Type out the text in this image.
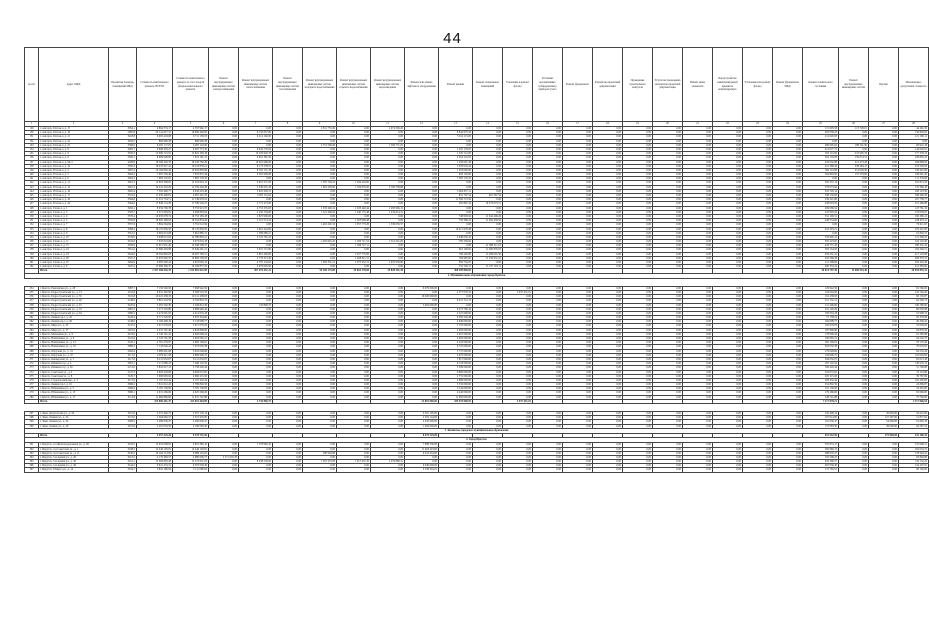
44
№ п/п	Адрес МКД	Проектная площадь помещений МКД	Стоимость капитального ремонта, ВСЕГО	Стоимость капитального ремонта за счет средств фондов капитального ремонта	Ремонт внутридомовых инженерных систем электроснабжения	Ремонт внутридомовых инженерных систем теплоснабжения	Ремонт внутридомовых инженерных систем газоснабжения	Ремонт внутридомовых инженерных систем холодного водоснабжения	Ремонт внутридомовых инженерных систем горячего водоснабжения	Ремонт внутридомовых инженерных систем водоотведения	Ремонт или замена лифтового оборудования	Ремонт крыши	Ремонт подвальных помещений	Утепление и ремонт фасада	Установка коллективных (общедомовых) приборов учета	Ремонт фундамента	Разработка проектной документации	Проведение строительного контроля	Услуги по проведению экспертизы проектной документации	Ремонт иных элементов	Переустройство невентилируемой крыши на вентилируемую	Утепление или ремонт фасада	Ремонт фундамента МКД	Оценка технического состояния	Ремонт внутридомовых инженерных систем	Прочие	Максимально допустимая стоимость
1	2	3	4	5	6	7	8	9	10	11	12	13	14	15	16	17	18	19	20	21	22	23	24	25	26	27	28
129	г. Ангарск, 94 й кв-л, д. 17	3054,1	4 864 374,17	4 797 962,17	0,00	0,00	0,00	2 811 753,49	0,00	2 074 300,20	0,00	0,00	0,00	0,00	0,00	0,00	0,00	0,00	0,00	0,00	0,00	0,00	0,00	115 605,58	115 728,01	0,00	44 461,50
130	г. Ангарск, 94 й кв-л, д. 19	2965,8	20 141 617,51	19 990 402,85	0,00	8 150 657,99	0,00	0,00	0,00	0,00	0,00	8 844 975,56	0,00	0,00	0,00	0,00	0,00	0,00	0,00	0,00	0,00	0,00	0,00	463 038,23	0,00	0,00	150 820,62
131	г. Ангарск, 94 й кв-л, д. 21	3418,8	6 993 418,08	9 711 158,33	0,00	6 214 162,00	0,00	0,00	0,00	0,00	0,00	3 014 115,00	0,00	0,00	0,00	0,00	0,00	0,00	0,00	0,00	0,00	0,00	0,00	411 020,93	0,00	0,00	121 190,11
132	г. Ангарск, 94 й кв-л, д. 22	3456,5	860 996,38	860 996,38	0,00	0,00	0,00	0,00	0,00	0,00	0,00	0,00	0,00	0,00	0,00	0,00	0,00	0,00	0,00	0,00	0,00	0,00	0,00	0,00	0,00	0,00	0,00
133	г. Ангарск, 94 й кв-л, д. 25	3396,9	6 295 177,81	6 287 116,90	0,00	0,00	0,00	2 751 560,66	0,00	1 506 771,02	0,00	0,00	0,00	0,00	0,00	0,00	0,00	0,00	0,00	0,00	0,00	0,00	0,00	280 005,02	188 741,90	0,00	60 922,18
134	г. Ангарск, 94 й кв-л, д. 8	3465,7	9 608 403,27	9 467 773,36	0,00	8 044 770,04	0,00	0,00	0,00	0,00	0,00	1 010 176,05	0,00	0,00	0,00	0,00	0,00	0,00	0,00	0,00	0,00	0,00	0,00	412 077,71	0,00	0,00	144 629,91
135	г. Ангарск, 94 й кв-л, д. 9	3556,3	15 990 713,91	15 822 183,18	0,00	10 459 992,78	0,00	0,00	0,00	0,00	0,00	1 345 712,00	0,00	0,00	0,00	0,00	0,00	0,00	0,00	0,00	0,00	0,00	0,00	353 115,00	272 905,78	0,00	177 378,74
136	г. Ангарск, 94 й кв-л, д. 9	3506,1	8 009 028,85	7 919 161,31	0,00	6 091 381,59	0,00	0,00	0,00	0,00	0,00	2 054 210,03	0,00	0,00	0,00	0,00	0,00	0,00	0,00	0,00	0,00	0,00	0,00	304 133,83	159 074,51	0,00	109 865,22
137	г. Ангарск, 94 й кв-л, д. 9А/1	4328,9	18 509 220,33	18 239 782,29	0,00	10 461 966,90	0,00	0,00	0,00	0,00	0,00	1 456 091,58	0,00	0,00	0,00	0,00	0,00	0,00	0,00	0,00	0,00	0,00	0,00	432 032,88	413 473,28	0,00	169 808,93
138	г. Ангарск, 94 й кв-л, д. 19	3350,3	18 447 617,41	18 118 879,21	0,00	8 173 278,91	0,00	0,00	0,00	0,00	0,00	5 678 018,24	0,00	0,00	0,00	0,00	0,00	0,00	0,00	0,00	0,00	0,00	0,00	415 268,45	338 284,15	0,00	253 595,03
139	г. Ангарск, 95 й кв-л, д. 4	3467,2	10 166 840,44	10 019 893,96	0,00	8 102 151,78	0,00	0,00	0,00	0,00	0,00	1 018 000,00	0,00	0,00	0,00	0,00	0,00	0,00	0,00	0,00	0,00	0,00	0,00	384 112,68	214 029,50	0,00	126 421,09
140	г. Ангарск, 95 й кв-л, д. 5	3464,5	7 967 536,46	7 635 872,44	0,00	6 391 996,08	0,00	0,00	0,00	0,00	0,00	993 130,00	0,00	0,00	0,00	0,00	0,00	0,00	0,00	0,00	0,00	0,00	0,00	304 893,00	157 279,00	0,00	106 601,26
141	г. Ангарск, 95 й кв-л, д. 6	3464,5	7 983 125,81	7 883 176,35	0,00	0,00	0,00	0,00	0,00	0,00	0,00	7 383 176,35	0,00	0,00	0,00	0,00	0,00	0,00	0,00	0,00	0,00	0,00	0,00	0,00	0,00	0,00	111 376,06
142	г. Ангарск, 95 й кв-л, д. 11	3461,3	12 803 368,65	12 316 623,12	0,00	6 657 271,83	0,00	1 705 794,22	1 294 410,00	0,00	0,00	0,00	0,00	0,00	0,00	0,00	0,00	0,00	0,00	0,00	0,00	0,00	0,00	305 257,14	0,00	0,00	181 813,43
143	г. Ангарск, 95 й кв-л, д. 12	3461,5	10 241 216,20	11 559 202,28	0,00	3 330 635,18	0,00	1 605 293,00	1 764 670,20	2 796 738,88	0,00	0,00	0,00	0,00	0,00	0,00	0,00	0,00	0,00	0,00	0,00	0,00	0,00	578 073,92	0,00	0,00	170 366,18
144	г. Ангарск, 95 й кв-л, д. 16	3465,4	7 563 460,77	6 936 223,48	0,00	3 922 439,31	0,00	0,00	0,00	0,00	0,00	3 004 057,11	0,00	0,00	0,00	0,00	0,00	0,00	0,00	0,00	0,00	0,00	0,00	316 720,14	0,00	0,00	108 123,59
145	г. Ангарск, 95 й кв-л, д. 17	3331,6	11 930 406,81	4 097 291,76	0,00	3 925 115,04	0,00	0,00	0,00	0,00	0,00	831 767,54	601 367,54	0,00	0,00	0,00	0,00	0,00	0,00	0,00	0,00	0,00	0,00	338 150,00	0,00	0,00	188 400,29
146	г. Ангарск, 95 й кв-л, д. 18	3364,8	11 911 734,71	11 749 933,19	0,00	0,00	0,00	0,00	0,00	0,00	0,00	11 384 713,59	0,00	0,00	0,00	0,00	0,00	0,00	0,00	0,00	0,00	0,00	0,00	359 221,80	0,00	0,00	167 738,77
147	г. Ангарск, 95 й кв-л, д. 24	3364,6	17 849 714,36	17 799 549,27	0,00	4 775 473,60	0,00	0,00	0,00	0,00	0,00	265 867,24	10 374 073,51	0,00	0,00	0,00	0,00	0,00	0,00	0,00	0,00	0,00	0,00	438 093,50	0,00	0,00	231 466,88
148	г. Ангарск, 9 й кв-л, д. 1	3292,1	8 034 790,78	8 755 913,37	0,00	4 753 255,63	0,00	1 333 400,24	1 203 440,44	1 283 906,15	0,00	0,00	0,00	0,00	0,00	0,00	0,00	0,00	0,00	0,00	0,00	0,00	0,00	409 066,54	0,00	0,00	123 761,32
149	г. Ангарск, 9 й кв-л, д. 3	3323,7	9 371 093,81	9 268 893,04	0,00	4 250 704,60	0,00	1 321 466,94	1 240 175,48	1 234 614,21	0,00	0,00	0,00	0,00	0,00	0,00	0,00	0,00	0,00	0,00	0,00	0,00	0,00	447 093,25	0,00	0,00	133 056,67
150	г. Ангарск, 9 й кв-л, д. 4	3376,4	16 935 078,74	16 753 183,18	0,00	2 827 000,00	0,00	0,00	0,00	0,00	0,00	748 603,92	11 044 406,26	0,00	0,00	0,00	0,00	0,00	0,00	0,00	0,00	0,00	0,00	351 190,51	0,00	0,00	190 396,12
151	г. Ангарск, 9 й кв-л, д. 5	3332,8	18 605 408,93	18 316 854,26	0,00	2 515 514,53	0,00	0,00	1 503 928,48	0,00	0,00	756 386,25	11 494 458,56	0,00	0,00	0,00	0,00	0,00	0,00	0,00	0,00	0,00	0,00	448 554,06	0,00	0,00	228 453,11
152	г. Ангарск, 9 й кв-л, д. 7	3357,9	3 804 264,84	3 791 012,84	0,00	0,00	0,00	1 402 201,52	1 057 773,26	1 336 050,57	0,00	0,00	0,00	0,00	0,00	0,00	0,00	0,00	0,00	0,00	0,00	0,00	0,00	0,00	0,00	0,00	79 011,65
153	г. Ангарск, 9 й кв-л, д. 8	3286,4	18 170 839,50	18 170 839,50	0,00	3 991 244,09	0,00	0,00	0,00	0,00	0,00	10 417 678,48	0,00	0,00	0,00	0,00	0,00	0,00	0,00	0,00	0,00	0,00	0,00	454 303,21	0,00	0,00	276 421,83
154	г. Ангарск, 9 й кв-л, д. 9	3312,5	6 002 613,08	5 961 885,31	0,00	1 589 689,21	0,00	0,00	0,00	0,00	0,00	0,00	0,00	0,00	0,00	0,00	0,00	0,00	0,00	0,00	0,00	0,00	0,00	0,00	0,00	0,00	91 849,72
155	г. Ангарск, 9 й кв-л, д. 10	3179,0	3 938 015,04	14 780 803,21	0,00	2 722 701,23	0,00	0,00	0,00	0,00	0,00	5 040 056,10	0,00	0,00	0,00	0,00	0,00	0,00	0,00	0,00	0,00	0,00	0,00	333 640,12	0,00	0,00	211 306,16
156	г. Ангарск, 9 й кв-л, д. 11	3194,6	7 047 019,06	6 973 043,18	0,00	0,00	0,00	1 405 625,45	1 200 711,54	1 312 221,00	0,00	785 230,62	0,00	0,00	0,00	0,00	0,00	0,00	0,00	0,00	0,00	0,00	0,00	305 223,65	0,00	0,00	104 116,30
157	г. Ангарск, 9 й кв-л, д. 15	3359,9	15 651 931,20	15 498 208,37	0,00	0,00	0,00	0,00	1 566 727,11	0,00	0,00	0,00	11 388 411,01	0,00	0,00	0,00	0,00	0,00	0,00	0,00	0,00	0,00	0,00	443 771,43	0,00	0,00	180 331,42
158	г. Ангарск, 9 й кв-л, д. 22	3351,6	15 660 403,98	15 649 291,21	0,00	3 031 715,80	0,00	0,00	0,00	0,00	0,00	961 109,92	11 260 870,93	0,00	0,00	0,00	0,00	0,00	0,00	0,00	0,00	0,00	0,00	393 134,92	0,00	0,00	192 249,51
159	г. Ангарск, 9 й кв-л, д. 23	3424,6	16 564 802,03	16 497 783,51	0,00	2 861 400,00	0,00	0,00	1 457 775,00	0,00	0,00	766 220,00	11 269 001,50	0,00	0,00	0,00	0,00	0,00	0,00	0,00	0,00	0,00	0,00	459 231,41	0,00	0,00	217 143,68
160	г. Ангарск, 9 й кв-л, д. 26	3327,3	15 070 602,55	14 896 793,03	0,00	2 776 315,30	0,00	0,00	1 408 611,31	0,00	0,00	784 985,00	11 256 931,10	0,00	0,00	0,00	0,00	0,00	0,00	0,00	0,00	0,00	0,00	450 566,58	0,00	0,00	208 353,31
161	г. Ангарск, 9 й кв-л, д. 27	3464,0	6 963 200,24	6 953 063,12	0,00	4 707 134,62	0,00	1 382 331,21	1 073 452,72	1 670 959,80	0,00	650 734,25	0,00	0,00	0,00	0,00	0,00	0,00	0,00	0,00	0,00	0,00	0,00	411 398,00	0,00	0,00	259 416,49
162	г. Ангарск, 9 й кв-л, д. 9	3425,2	15 966 396,37	16 169 877,25	0,00	2 979 005,00	0,00	0,00	0,00	0,00	0,00	752 749,17	11 237 193,11	0,00	0,00	0,00	0,00	0,00	0,00	0,00	0,00	0,00	0,00	460 333,41	0,00	0,00	212 383,82
	Итого		1 167 286 026,33	1 153 881 021,85		267 276 431,22		55 300 175,80	25 064 178,60	29 828 201,36		368 599 000,82												44 814 797,45	13 686 533,46		20 555 835,41
2. Муниципальное образование города Братска																											

254	г. Братск, Енисейская ул., д. 28	3087,7	7 150 502,56	7 068 942,56	0,00	0,00	0,00	0,00	0,00	0,00	6 979 000,00	0,00	0,00	0,00	0,00	0,00	0,00	0,00	0,00	0,00	0,00	0,00	0,00	129 942,56	0,00	0,00	81 560,00
255	г. Братск, Гидростроителей ул., д. 13	2110,8	8 631 392,83	8 508 523,33	0,00	0,00	0,00	0,00	0,00	0,00	0,00	4 377 070,32	0,00	3 937 451,01	0,00	0,00	0,00	0,00	0,00	0,00	0,00	0,00	0,00	194 002,00	0,00	0,00	142 749,26
256	г. Братск, Гидростроителей ул., д. 35	3110,8	10 210 438,33	10 211 438,93	0,00	0,00	0,00	0,00	0,00	0,00	10 020 000,00	0,00	0,00	0,00	0,00	0,00	0,00	0,00	0,00	0,00	0,00	0,00	0,00	191 438,93	0,00	0,00	96 130,87
257	г. Братск, Гидростроителей ул., д. 40	2146,0	6 861 219,59	6 792 816,15	0,00	0,00	0,00	0,00	0,00	0,00	0,00	6 221 712,13	0,00	0,00	0,00	0,00	0,00	0,00	0,00	0,00	0,00	0,00	0,00	312 131,51	0,00	0,00	64 260,72
258	г. Братск, Гидростроителей ул., д. 47	3447,6	5 281 592,30	5 166 812,30	0,00	743 806,75	0,00	0,00	0,00	0,00	3 902 000,00	0,00	0,00	0,00	0,00	0,00	0,00	0,00	0,00	0,00	0,00	0,00	0,00	211 406,00	0,00	0,00	100 780,00
259	г. Братск, Гидростроителей ул., д. 53	2081,5	7 271 310,80	6 989 940,42	0,00	0,00	0,00	0,00	0,00	0,00	0,00	6 473 760,19	0,00	0,00	0,00	0,00	0,00	0,00	0,00	0,00	0,00	0,00	0,00	252 120,29	0,00	0,00	80 630,98
260	г. Братск, Гидростроителей ул., д. 64	2090,2	4 474 001,92	4 412 033,18	0,00	0,00	0,00	0,00	0,00	0,00	0,00	4 227 000,00	0,00	0,00	0,00	0,00	0,00	0,00	0,00	0,00	0,00	0,00	0,00	185 033,18	0,00	0,00	61 968,74
261	г. Братск, Ленина пр-т, д. 43	3126,4	6 771 529,87	6 676 344,00	0,00	0,00	0,00	0,00	0,00	0,00	0,00	6 395 526,48	0,00	0,00	0,00	0,00	0,00	0,00	0,00	0,00	0,00	0,00	0,00	57 158,52	0,00	0,00	95 378,96
262	г. Братск, Ленина пр-т, д. 49	2148,0	3 166 408,19	3 133 098,77	0,00	0,00	0,00	0,00	0,00	0,00	0,00	2 949 000,00	0,00	0,00	0,00	0,00	0,00	0,00	0,00	0,00	0,00	0,00	0,00	184 098,77	0,00	0,00	40 309,42
263	г. Братск, Мира ул., д. 33	3147,5	3 917 070,03	3 917 070,03	0,00	0,00	0,00	0,00	0,00	0,00	0,00	3 755 000,00	0,00	0,00	0,00	0,00	0,00	0,00	0,00	0,00	0,00	0,00	0,00	162 070,03	0,00	0,00	55 093,02
264	г. Братск, Мира ул., д. 37	2015,6	4 931 701,46	4 843 806,80	0,00	0,00	0,00	0,00	0,00	0,00	0,00	4 656 000,00	0,00	0,00	0,00	0,00	0,00	0,00	0,00	0,00	0,00	0,00	0,00	187 806,80	0,00	0,00	62 876,56
265	г. Братск, Малышева ул., д. 6	2116,9	4 740 101,41	4 645 006,24	0,00	0,00	0,00	0,00	0,00	0,00	0,00	4 467 000,00	0,00	0,00	0,00	0,00	0,00	0,00	0,00	0,00	0,00	0,00	0,00	178 006,24	0,00	0,00	61 285,88
266	г. Братск, Наймушина ул., д. 6	3122,0	4 745 701,58	4 625 065,21	0,00	0,00	0,00	0,00	0,00	0,00	0,00	4 465 000,00	0,00	0,00	0,00	0,00	0,00	0,00	0,00	0,00	0,00	0,00	0,00	160 065,21	0,00	0,00	64 516,37
267	г. Братск, Наймушина ул., д. 14	3126,1	4 761 279,87	4 683 109,61	0,00	0,00	0,00	0,00	0,00	0,00	0,00	4 518 000,00	0,00	0,00	0,00	0,00	0,00	0,00	0,00	0,00	0,00	0,00	0,00	165 109,61	0,00	0,00	78 170,26
268	г. Братск, Наймушина ул., д. 18	3086,3	7 143 046,43	7 073 030,38	0,00	0,00	0,00	0,00	0,00	0,00	0,00	6 710 000,00	0,00	0,00	0,00	0,00	0,00	0,00	0,00	0,00	0,00	0,00	0,00	363 030,38	0,00	0,00	70 016,05
269	г. Братск, Обручева ул., д. 31	2092,6	3 980 601,08	3 916 048,66	0,00	0,00	0,00	0,00	0,00	0,00	0,00	3 737 000,00	0,00	0,00	0,00	0,00	0,00	0,00	0,00	0,00	0,00	0,00	0,00	179 048,66	0,00	0,00	64 552,42
270	г. Братск, Обручева ул., д. 37	3117,6	4 979 911,58	4 869 906,75	0,00	0,00	0,00	0,00	0,00	0,00	0,00	4 675 000,00	0,00	0,00	0,00	0,00	0,00	0,00	0,00	0,00	0,00	0,00	0,00	194 906,75	0,00	0,00	110 004,83
271	г. Братск, Пионерская ул., д. 7	2117,8	8 211 052,07	8 211 052,07	0,00	0,00	0,00	0,00	0,00	0,00	0,00	7 817 000,00	0,00	0,00	0,00	0,00	0,00	0,00	0,00	0,00	0,00	0,00	0,00	394 052,07	0,00	0,00	81 013,18
272	г. Братск, Рябикова б-р, д. 4	3055,1	7 171 086,47	7 040 116,32	0,00	0,00	0,00	0,00	0,00	0,00	0,00	6 743 000,00	0,00	0,00	0,00	0,00	0,00	0,00	0,00	0,00	0,00	0,00	0,00	297 116,32	0,00	0,00	130 970,15
273	г. Братск, Рябикова б-р, д. 30	2151,0	3 810 017,12	3 758 220,44	0,00	0,00	0,00	0,00	0,00	0,00	0,00	3 589 000,00	0,00	0,00	0,00	0,00	0,00	0,00	0,00	0,00	0,00	0,00	0,00	169 220,44	0,00	0,00	51 796,68
274	г. Братск, Советская ул., д. 2	2127,3	6 993 418,08	6 984 072,65	0,00	0,00	0,00	0,00	0,00	0,00	0,00	6 660 000,00	0,00	0,00	0,00	0,00	0,00	0,00	0,00	0,00	0,00	0,00	0,00	324 072,65	0,00	0,00	74 123,86
275	г. Братск, Советская ул., д. 8	3129,7	5 000 003,62	4 960 215,93	0,00	0,00	0,00	0,00	0,00	0,00	0,00	4 755 000,00	0,00	0,00	0,00	0,00	0,00	0,00	0,00	0,00	0,00	0,00	0,00	205 215,93	0,00	0,00	39 787,69
276	г. Братск, Студенческий пер., д. 3	3117,9	5 107 432,44	5 107 432,44	0,00	0,00	0,00	0,00	0,00	0,00	0,00	4 899 000,00	0,00	0,00	0,00	0,00	0,00	0,00	0,00	0,00	0,00	0,00	0,00	208 432,44	0,00	0,00	105 450,00
277	г. Братск, Ленина пр-т, д. 16	3096,2	5 811 612,43	5 786 802,56	0,00	0,00	0,00	0,00	0,00	0,00	0,00	5 532 000,00	0,00	0,00	0,00	0,00	0,00	0,00	0,00	0,00	0,00	0,00	0,00	254 802,56	0,00	0,00	24 809,87
278	г. Братск, Юбилейная ул., д. 5	2099,0	3 705 136,83	3 705 136,83	0,00	0,00	0,00	0,00	0,00	0,00	0,00	3 544 000,00	0,00	0,00	0,00	0,00	0,00	0,00	0,00	0,00	0,00	0,00	0,00	161 136,83	0,00	0,00	34 325,00
279	г. Братск, Юбилейная ул., д. 13	3090,1	4 631 266,66	4 625 266,66	0,00	0,00	0,00	0,00	0,00	0,00	0,00	4 446 000,00	0,00	0,00	0,00	0,00	0,00	0,00	0,00	0,00	0,00	0,00	0,00	179 266,66	0,00	0,00	65 660,60
280	г. Братск, Юбилейная ул., д. 17	3114,8	11 660 866,60	11 631 741,88	0,00	0,00	0,00	0,00	0,00	0,00	0,00	11 083 000,00	0,00	0,00	0,00	0,00	0,00	0,00	0,00	0,00	0,00	0,00	0,00	548 741,88	0,00	0,00	75 790,60
	Итого		225 886 461,47	222 816 404,89		2 743 806,75					21 881 000,00	185 519 068,92		3 937 451,01										7 117 078,21			2 117 066,54

297	г. Зима, Депутатская ул., д. 59	3215,6	2 575 492,72	2 557 176,14	0,00	0,00	0,00	0,00	0,00	0,00	2 361 105,00	0,00	0,00	0,00	0,00	0,00	0,00	0,00	0,00	0,00	0,00	0,00	0,00	150 408,14	0,00	45 663,00	54 212,82
298	г. Зима, Ленина ул., д. 32	3172,0	2 394 662,57	2 373 435,85	0,00	0,00	0,00	0,00	0,00	0,00	2 079 124,00	0,00	0,00	0,00	0,00	0,00	0,00	0,00	0,00	0,00	0,00	0,00	0,00	167 014,85	0,00	127 297,00	51 877,62
299	г. Зима, Ленина ул., д. 34	3206,5	2 286 036,47	2 260 036,47	0,00	0,00	0,00	0,00	0,00	0,00	2 045 000,00	0,00	0,00	0,00	0,00	0,00	0,00	0,00	0,00	0,00	0,00	0,00	0,00	161 036,47	0,00	54 000,00	61 802,18
300	г. Зима, Ленина ул., д. 40	3215,6	2 201 033,50	2 180 083,50	0,00	0,00	0,00	0,00	0,00	0,00	1 994 000,00	0,00	0,00	0,00	0,00	0,00	0,00	0,00	0,00	0,00	0,00	0,00	0,00	137 083,50	0,00	49 000,00	64 287,54
3. Зиминское городское муниципальное образование																											
	Итого		9 457 225,26	9 370 731,96							8 479 229,00													615 542,96		275 960,00	232 180,16
4. Город Иркутск																											
301	г. Иркутск, 2-я Железнодорожная ул., д. 58	3193,5	12 052 008,81	9 823 380,10	0,00	1 578 969,10	0,00	0,00	0,00	0,00	7 888 536,83	0,00	0,00	0,00	0,00	0,00	0,00	0,00	0,00	0,00	0,00	0,00	0,00	355 874,17	0,00	0,00	155 908,21
302	г. Иркутск, 2-я Советская ул., д. 1	3198,5	12 446 103,81	12 446 103,81	0,00	0,00	0,00	0,00	0,00	0,00	11 463 423,66	0,00	0,00	0,00	0,00	0,00	0,00	0,00	0,00	0,00	0,00	0,00	0,00	582 680,15	0,00	0,00	162 034,75
303	г. Иркутск, 3-я Советская ул., д. 11	3140,5	10 164 713,66	9 986 119,25	0,00	0,00	0,00	280 994,98	0,00	0,00	9 216 454,00	0,00	0,00	0,00	0,00	0,00	0,00	0,00	0,00	0,00	0,00	0,00	0,00	488 670,27	0,00	0,00	178 594,41
304	г. Иркутск, 5-й Армии ул., д. 29	3213,5	4 176 483,57	4 080 636,77	2 571 018,78	0,00	0,00	0,00	0,00	0,00	0,00	0,00	0,00	0,00	0,00	0,00	0,00	0,00	0,00	0,00	0,00	0,00	0,00	165 508,23	0,00	0,00	95 846,80
305	г. Иркутск, 5-й Армии ул., д. 30	3191,1	13 306 803,28	13 172 651,03	0,00	8 258 539,00	0,00	1 397 473,83	1 017 451,32	1 279 880,31	0,00	0,00	0,00	0,00	0,00	0,00	0,00	0,00	0,00	0,00	0,00	0,00	0,00	632 306,57	0,00	0,00	134 152,25
306	г. Иркутск, 5-й Армии ул., д. 40	3144,2	9 641 474,31	9 507 036,40	0,00	0,00	0,00	0,00	0,00	0,00	9 040 000,00	0,00	0,00	0,00	0,00	0,00	0,00	0,00	0,00	0,00	0,00	0,00	0,00	467 036,40	0,00	0,00	134 437,91
307	г. Иркутск, 8 Марта ул., д. 14	3194,7	3 810 186,92	3 711 086,92	0,00	0,00	0,00	0,00	0,00	0,00	3 538 324,01	0,00	0,00	0,00	0,00	0,00	0,00	0,00	0,00	0,00	0,00	0,00	0,00	172 762,91	0,00	0,00	99 100,00
